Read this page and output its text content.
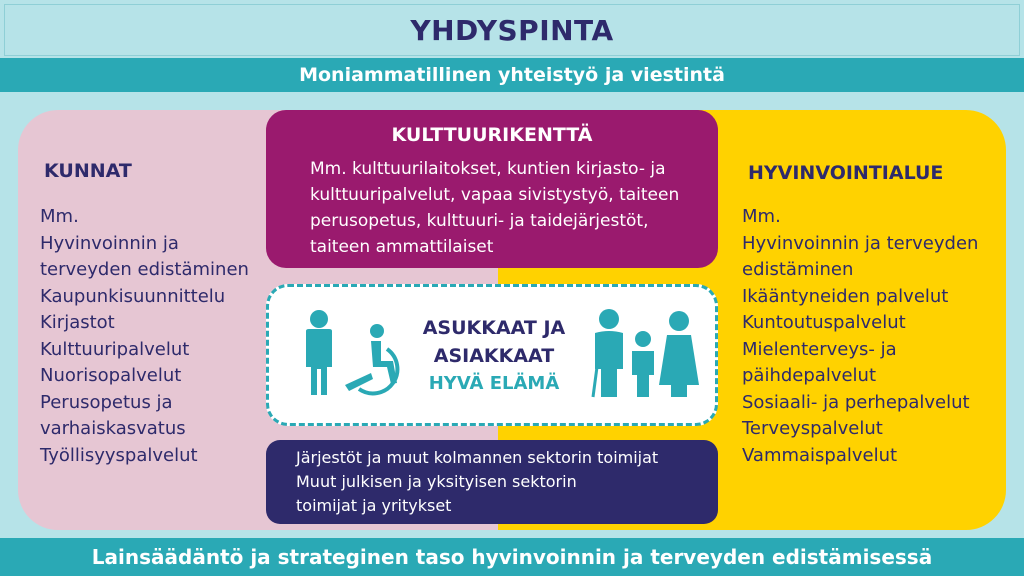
YHDYSPINTA
Moniammatillinen yhteistyö ja viestintä
KUNNAT
Mm.
Hyvinvoinnin ja
terveyden edistäminen
Kaupunkisuunnittelu
Kirjastot
Kulttuuripalvelut
Nuorisopalvelut
Perusopetus ja
varhaiskasvatus
Työllisyyspalvelut
HYVINVOINTIALUE
Mm.
Hyvinvoinnin ja terveyden
edistäminen
Ikääntyneiden palvelut
Kuntoutuspalvelut
Mielenterveys- ja
päihdepalvelut
Sosiaali- ja perhepalvelut
Terveyspalvelut
Vammaispalvelut
KULTTUURIKENTTÄ
Mm. kulttuurilaitokset, kuntien kirjasto- ja
kulttuuripalvelut, vapaa sivistystyö, taiteen
perusopetus, kulttuuri- ja taidejärjestöt,
taiteen ammattilaiset
ASUKKAAT JA
ASIAKKAAT
HYVÄ ELÄMÄ
Järjestöt ja muut kolmannen sektorin toimijat
Muut julkisen ja yksityisen sektorin
toimijat ja yritykset
Lainsäädäntö ja strateginen taso hyvinvoinnin ja terveyden edistämisessä
